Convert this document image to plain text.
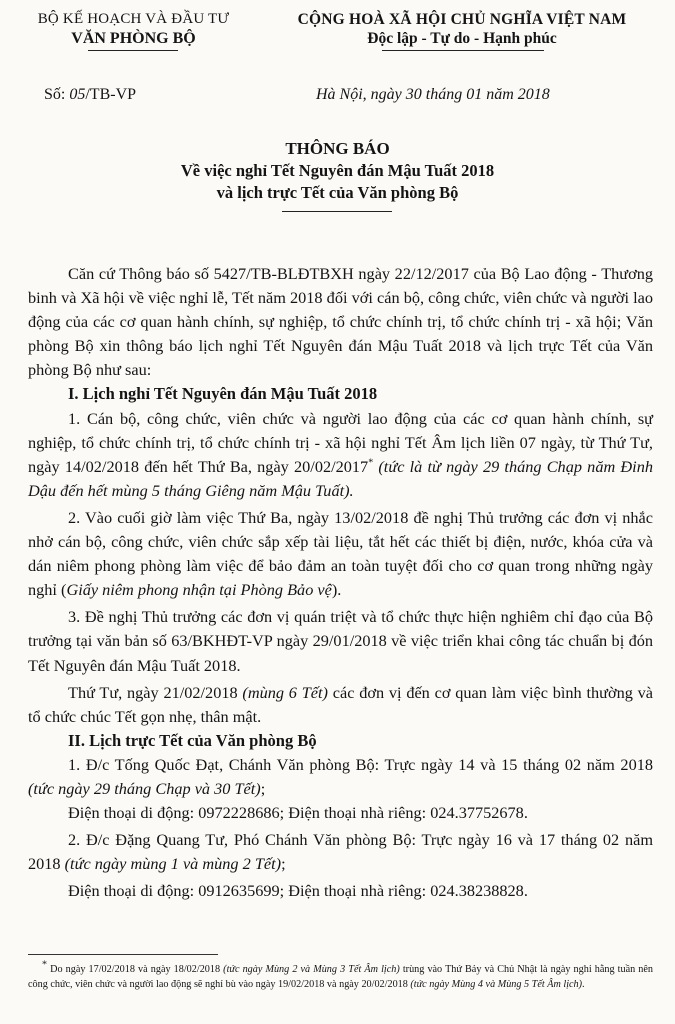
BỘ KẾ HOẠCH VÀ ĐẦU TƯ
VĂN PHÒNG BỘ
CỘNG HOÀ XÃ HỘI CHỦ NGHĨA VIỆT NAM
Độc lập - Tự do - Hạnh phúc
Số: 05/TB-VP	Hà Nội, ngày 30 tháng 01 năm 2018
THÔNG BÁO
Về việc nghỉ Tết Nguyên đán Mậu Tuất 2018
và lịch trực Tết của Văn phòng Bộ

Căn cứ Thông báo số 5427/TB-BLĐTBXH ngày 22/12/2017 của Bộ Lao động - Thương binh và Xã hội về việc nghỉ lễ, Tết năm 2018 đối với cán bộ, công chức, viên chức và người lao động của các cơ quan hành chính, sự nghiệp, tổ chức chính trị, tổ chức chính trị - xã hội; Văn phòng Bộ xin thông báo lịch nghỉ Tết Nguyên đán Mậu Tuất 2018 và lịch trực Tết của Văn phòng Bộ như sau:

I. Lịch nghỉ Tết Nguyên đán Mậu Tuất 2018

1. Cán bộ, công chức, viên chức và người lao động của các cơ quan hành chính, sự nghiệp, tổ chức chính trị, tổ chức chính trị - xã hội nghỉ Tết Âm lịch liền 07 ngày, từ Thứ Tư, ngày 14/02/2018 đến hết Thứ Ba, ngày 20/02/2017* (tức là từ ngày 29 tháng Chạp năm Đinh Dậu đến hết mùng 5 tháng Giêng năm Mậu Tuất).

2. Vào cuối giờ làm việc Thứ Ba, ngày 13/02/2018 đề nghị Thủ trưởng các đơn vị nhắc nhở cán bộ, công chức, viên chức sắp xếp tài liệu, tắt hết các thiết bị điện, nước, khóa cửa và dán niêm phong phòng làm việc để bảo đảm an toàn tuyệt đối cho cơ quan trong những ngày nghỉ (Giấy niêm phong nhận tại Phòng Bảo vệ).

3. Đề nghị Thủ trưởng các đơn vị quán triệt và tổ chức thực hiện nghiêm chỉ đạo của Bộ trưởng tại văn bản số 63/BKHĐT-VP ngày 29/01/2018 về việc triển khai công tác chuẩn bị đón Tết Nguyên đán Mậu Tuất 2018.

Thứ Tư, ngày 21/02/2018 (mùng 6 Tết) các đơn vị đến cơ quan làm việc bình thường và tổ chức chúc Tết gọn nhẹ, thân mật.

II. Lịch trực Tết của Văn phòng Bộ

1. Đ/c Tống Quốc Đạt, Chánh Văn phòng Bộ: Trực ngày 14 và 15 tháng 02 năm 2018 (tức ngày 29 tháng Chạp và 30 Tết);

Điện thoại di động: 0972228686; Điện thoại nhà riêng: 024.37752678.

2. Đ/c Đặng Quang Tư, Phó Chánh Văn phòng Bộ: Trực ngày 16 và 17 tháng 02 năm 2018 (tức ngày mùng 1 và mùng 2 Tết);

Điện thoại di động: 0912635699; Điện thoại nhà riêng: 024.38238828.

* Do ngày 17/02/2018 và ngày 18/02/2018 (tức ngày Mùng 2 và Mùng 3 Tết Âm lịch) trùng vào Thứ Bảy và Chủ Nhật là ngày nghỉ hằng tuần nên công chức, viên chức và người lao động sẽ nghỉ bù vào ngày 19/02/2018 và ngày 20/02/2018 (tức ngày Mùng 4 và Mùng 5 Tết Âm lịch).
